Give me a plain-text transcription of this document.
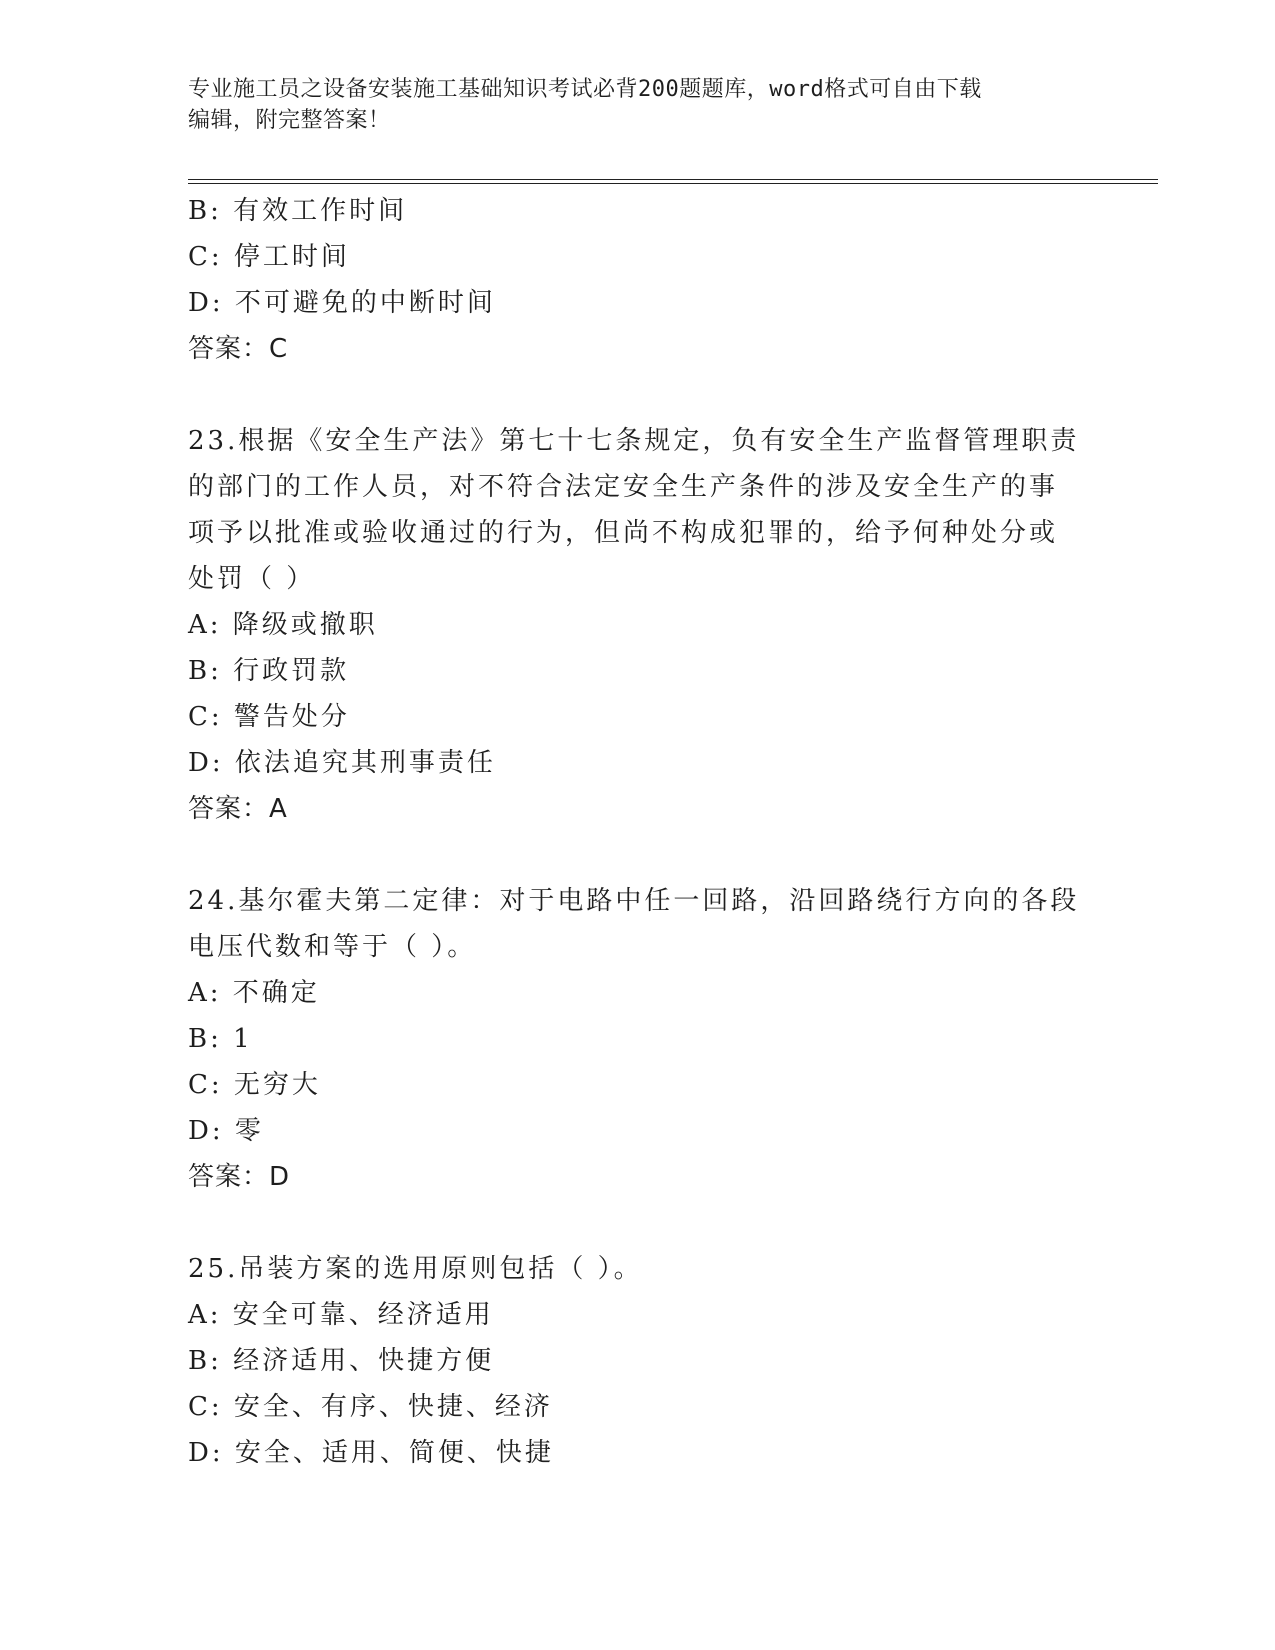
专业施工员之设备安装施工基础知识考试必背200题题库，word格式可自由下载
编辑，附完整答案！
B: 有效工作时间
C: 停工时间
D: 不可避免的中断时间
答案：C
23.根据《安全生产法》第七十七条规定，负有安全生产监督管理职责
的部门的工作人员，对不符合法定安全生产条件的涉及安全生产的事
项予以批准或验收通过的行为，但尚不构成犯罪的，给予何种处分或
处罚（ ）
A: 降级或撤职
B: 行政罚款
C: 警告处分
D: 依法追究其刑事责任
答案：A
24.基尔霍夫第二定律：对于电路中任一回路，沿回路绕行方向的各段
电压代数和等于（ ）。
A: 不确定
B: 1
C: 无穷大
D: 零
答案：D
25.吊装方案的选用原则包括（ ）。
A: 安全可靠、经济适用
B: 经济适用、快捷方便
C: 安全、有序、快捷、经济
D: 安全、适用、简便、快捷
